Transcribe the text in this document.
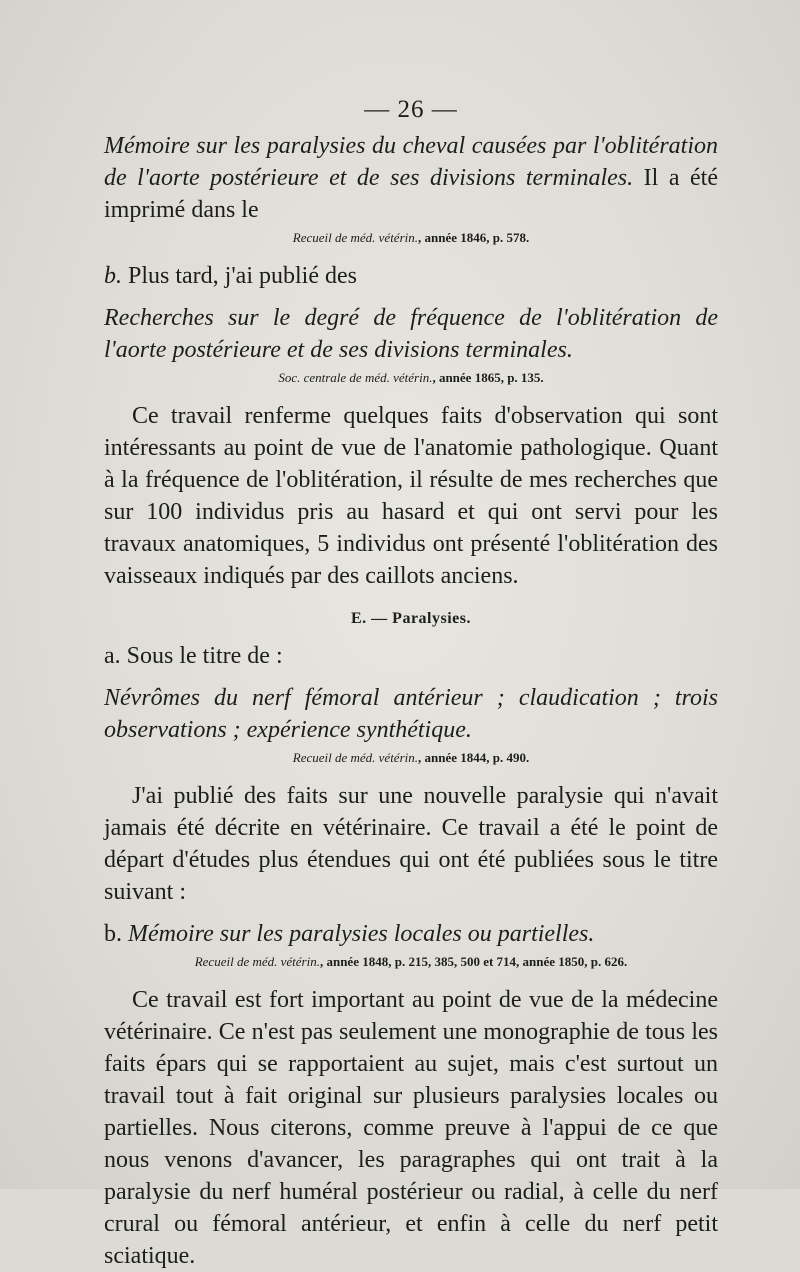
— 26 —

Mémoire sur les paralysies du cheval causées par l'oblitération de l'aorte postérieure et de ses divisions terminales. Il a été imprimé dans le

Recueil de méd. vétérin., année 1846, p. 578.

b. Plus tard, j'ai publié des

Recherches sur le degré de fréquence de l'oblitération de l'aorte postérieure et de ses divisions terminales.

Soc. centrale de méd. vétérin., année 1865, p. 135.

Ce travail renferme quelques faits d'observation qui sont intéressants au point de vue de l'anatomie pathologique. Quant à la fréquence de l'oblitération, il résulte de mes recherches que sur 100 individus pris au hasard et qui ont servi pour les travaux anatomiques, 5 individus ont présenté l'oblitération des vaisseaux indiqués par des caillots anciens.

E. — Paralysies.

a. Sous le titre de :

Névrômes du nerf fémoral antérieur ; claudication ; trois observations ; expérience synthétique.

Recueil de méd. vétérin., année 1844, p. 490.

J'ai publié des faits sur une nouvelle paralysie qui n'avait jamais été décrite en vétérinaire. Ce travail a été le point de départ d'études plus étendues qui ont été publiées sous le titre suivant :

b. Mémoire sur les paralysies locales ou partielles.

Recueil de méd. vétérin., année 1848, p. 215, 385, 500 et 714, année 1850, p. 626.

Ce travail est fort important au point de vue de la médecine vétérinaire. Ce n'est pas seulement une monographie de tous les faits épars qui se rapportaient au sujet, mais c'est surtout un travail tout à fait original sur plusieurs paralysies locales ou partielles. Nous citerons, comme preuve à l'appui de ce que nous venons d'avancer, les paragraphes qui ont trait à la paralysie du nerf huméral postérieur ou radial, à celle du nerf crural ou fémoral antérieur, et enfin à celle du nerf petit sciatique.
